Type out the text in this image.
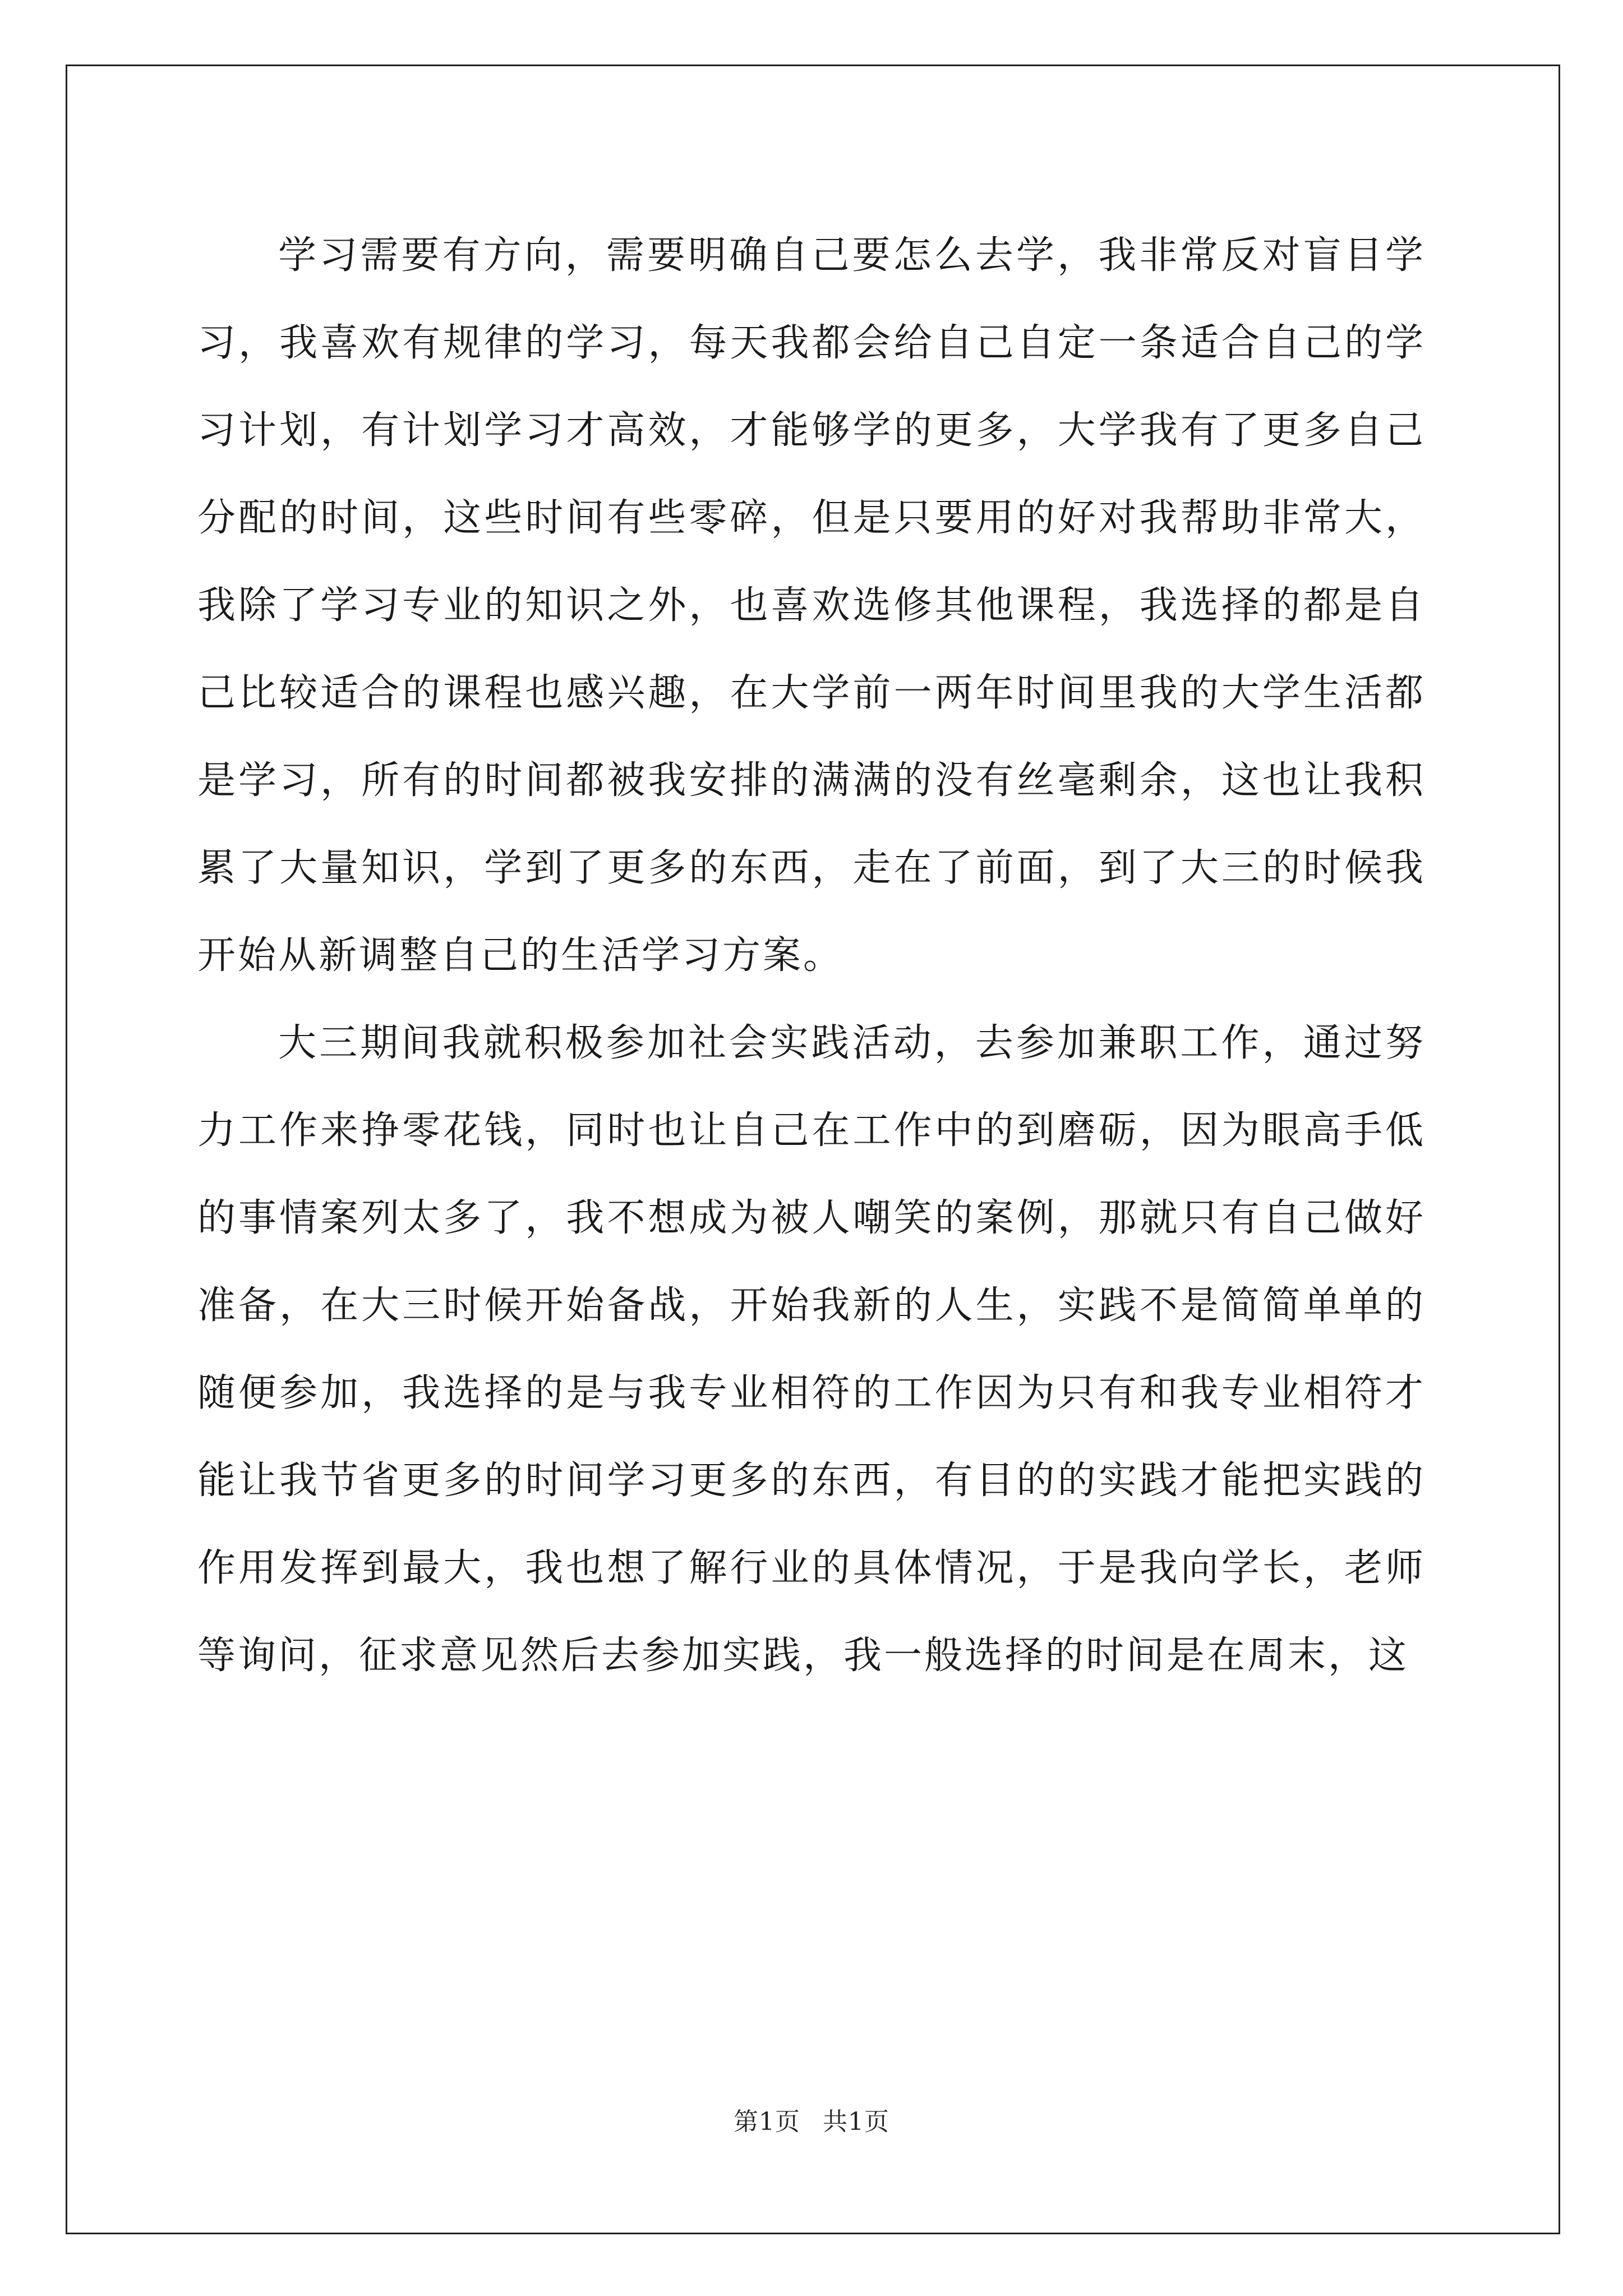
学习需要有方向，需要明确自己要怎么去学，我非常反对盲目学习，我喜欢有规律的学习，每天我都会给自己自定一条适合自己的学习计划，有计划学习才高效，才能够学的更多，大学我有了更多自己分配的时间，这些时间有些零碎，但是只要用的好对我帮助非常大，我除了学习专业的知识之外，也喜欢选修其他课程，我选择的都是自己比较适合的课程也感兴趣，在大学前一两年时间里我的大学生活都是学习，所有的时间都被我安排的满满的没有丝毫剩余，这也让我积累了大量知识，学到了更多的东西，走在了前面，到了大三的时候我开始从新调整自己的生活学习方案。

大三期间我就积极参加社会实践活动，去参加兼职工作，通过努力工作来挣零花钱，同时也让自己在工作中的到磨砺，因为眼高手低的事情案列太多了，我不想成为被人嘲笑的案例，那就只有自己做好准备，在大三时候开始备战，开始我新的人生，实践不是简简单单的随便参加，我选择的是与我专业相符的工作因为只有和我专业相符才能让我节省更多的时间学习更多的东西，有目的的实践才能把实践的作用发挥到最大，我也想了解行业的具体情况，于是我向学长，老师等询问，征求意见然后去参加实践，我一般选择的时间是在周末，这

第1页 共1页
